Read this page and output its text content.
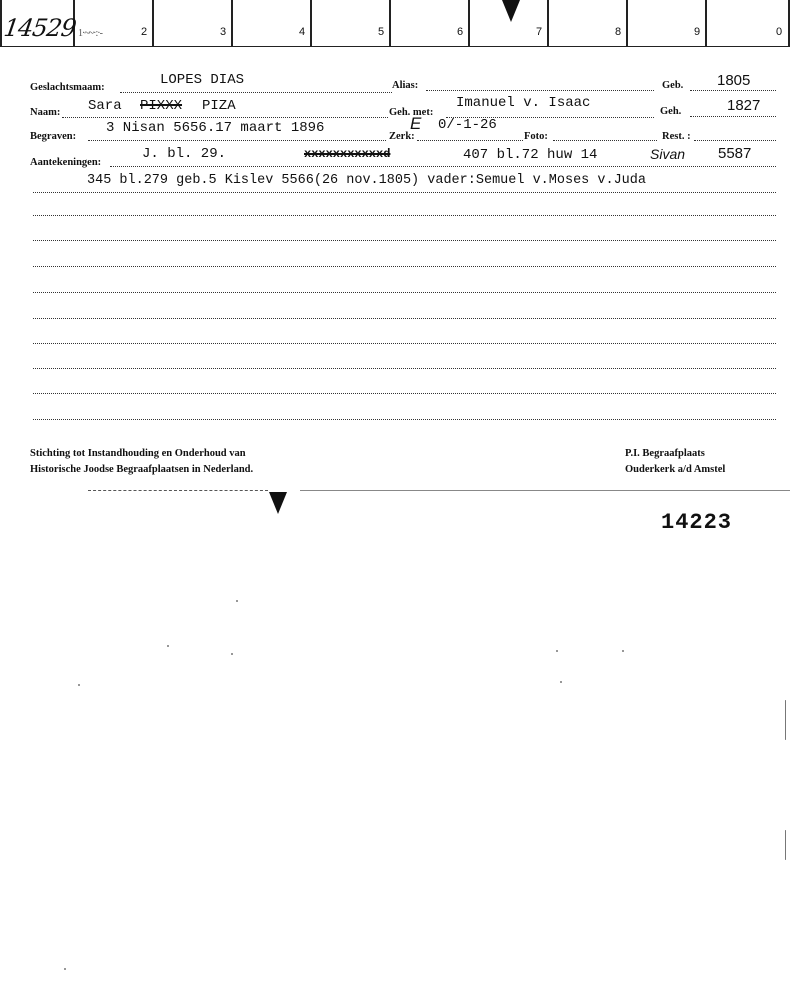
14529 1·~~·:·-	2	3	4	5	6	7	8	9	0
Geslachtsmaam:	LOPES DIAS	Alias:	Geb. 1805
Naam: Sara PIXXX PIZA	Geh. met:
Imanuel v. Isaac
Geh.	1827
Begraven:
3 Nisan 5656.17 maart 1896
Zerk:
E 0/-1-26
Foto:	Rest. :
Aantekeningen:
J. bl. 29.	xxxxxxxxxxxd	407 bl.72 huw 14	Sivan 5587
345 bl.279 geb.5 Kislev 5566(26 nov.1805) vader:Semuel v.Moses v.Juda
Stichting tot Instandhouding en Onderhoud van
Historische Joodse Begraafplaatsen in Nederland.
P.I. Begraafplaats
Ouderkerk a/d Amstel
14223
